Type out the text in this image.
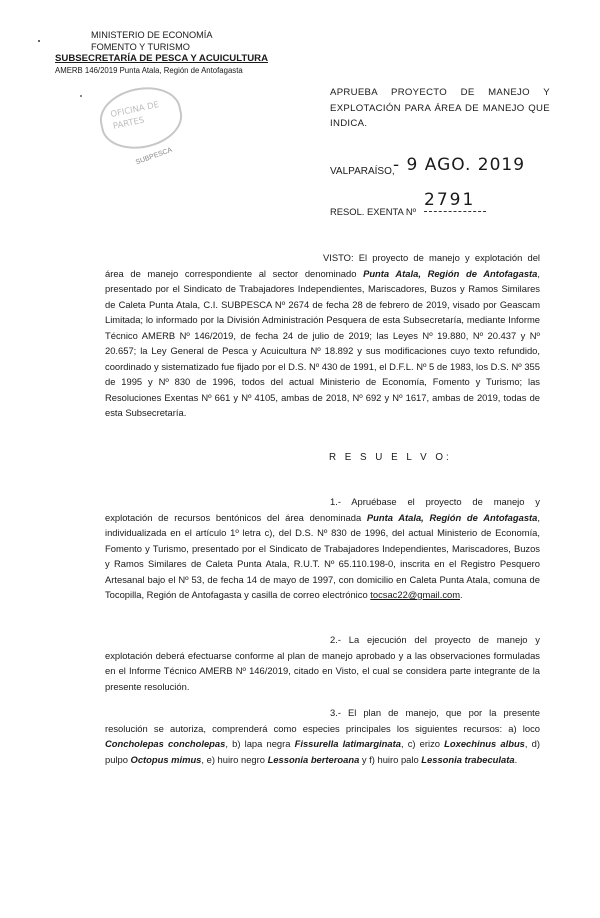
MINISTERIO DE ECONOMÍA
FOMENTO Y TURISMO
SUBSECRETARÍA DE PESCA Y ACUICULTURA
AMERB 146/2019 Punta Atala, Región de Antofagasta
OFICINA DE
PARTES
SUBPESCA
APRUEBA PROYECTO DE MANEJO Y EXPLOTACIÓN PARA ÁREA DE MANEJO QUE INDICA.
VALPARAÍSO,
- 9 AGO. 2019
RESOL. EXENTA Nº
2791
VISTO: El proyecto de manejo y explotación del área de manejo correspondiente al sector denominado Punta Atala, Región de Antofagasta, presentado por el Sindicato de Trabajadores Independientes, Mariscadores, Buzos y Ramos Similares de Caleta Punta Atala, C.I. SUBPESCA Nº 2674 de fecha 28 de febrero de 2019, visado por Geascam Limitada; lo informado por la División Administración Pesquera de esta Subsecretaría, mediante Informe Técnico AMERB Nº 146/2019, de fecha 24 de julio de 2019; las Leyes Nº 19.880, Nº 20.437 y Nº 20.657; la Ley General de Pesca y Acuicultura Nº 18.892 y sus modificaciones cuyo texto refundido, coordinado y sistematizado fue fijado por el D.S. Nº 430 de 1991, el D.F.L. Nº 5 de 1983, los D.S. Nº 355 de 1995 y Nº 830 de 1996, todos del actual Ministerio de Economía, Fomento y Turismo; las Resoluciones Exentas Nº 661 y Nº 4105, ambas de 2018, Nº 692 y Nº 1617, ambas de 2019, todas de esta Subsecretaría.
R E S U E L V O:
1.- Apruébase el proyecto de manejo y explotación de recursos bentónicos del área denominada Punta Atala, Región de Antofagasta, individualizada en el artículo 1º letra c), del D.S. Nº 830 de 1996, del actual Ministerio de Economía, Fomento y Turismo, presentado por el Sindicato de Trabajadores Independientes, Mariscadores, Buzos y Ramos Similares de Caleta Punta Atala, R.U.T. Nº 65.110.198-0, inscrita en el Registro Pesquero Artesanal bajo el Nº 53, de fecha 14 de mayo de 1997, con domicilio en Caleta Punta Atala, comuna de Tocopilla, Región de Antofagasta y casilla de correo electrónico tocsac22@gmail.com.
2.- La ejecución del proyecto de manejo y explotación deberá efectuarse conforme al plan de manejo aprobado y a las observaciones formuladas en el Informe Técnico AMERB Nº 146/2019, citado en Visto, el cual se considera parte integrante de la presente resolución.
3.- El plan de manejo, que por la presente resolución se autoriza, comprenderá como especies principales los siguientes recursos: a) loco Concholepas concholepas, b) lapa negra Fissurella latimarginata, c) erizo Loxechinus albus, d) pulpo Octopus mimus, e) huiro negro Lessonia berteroana y f) huiro palo Lessonia trabeculata.
